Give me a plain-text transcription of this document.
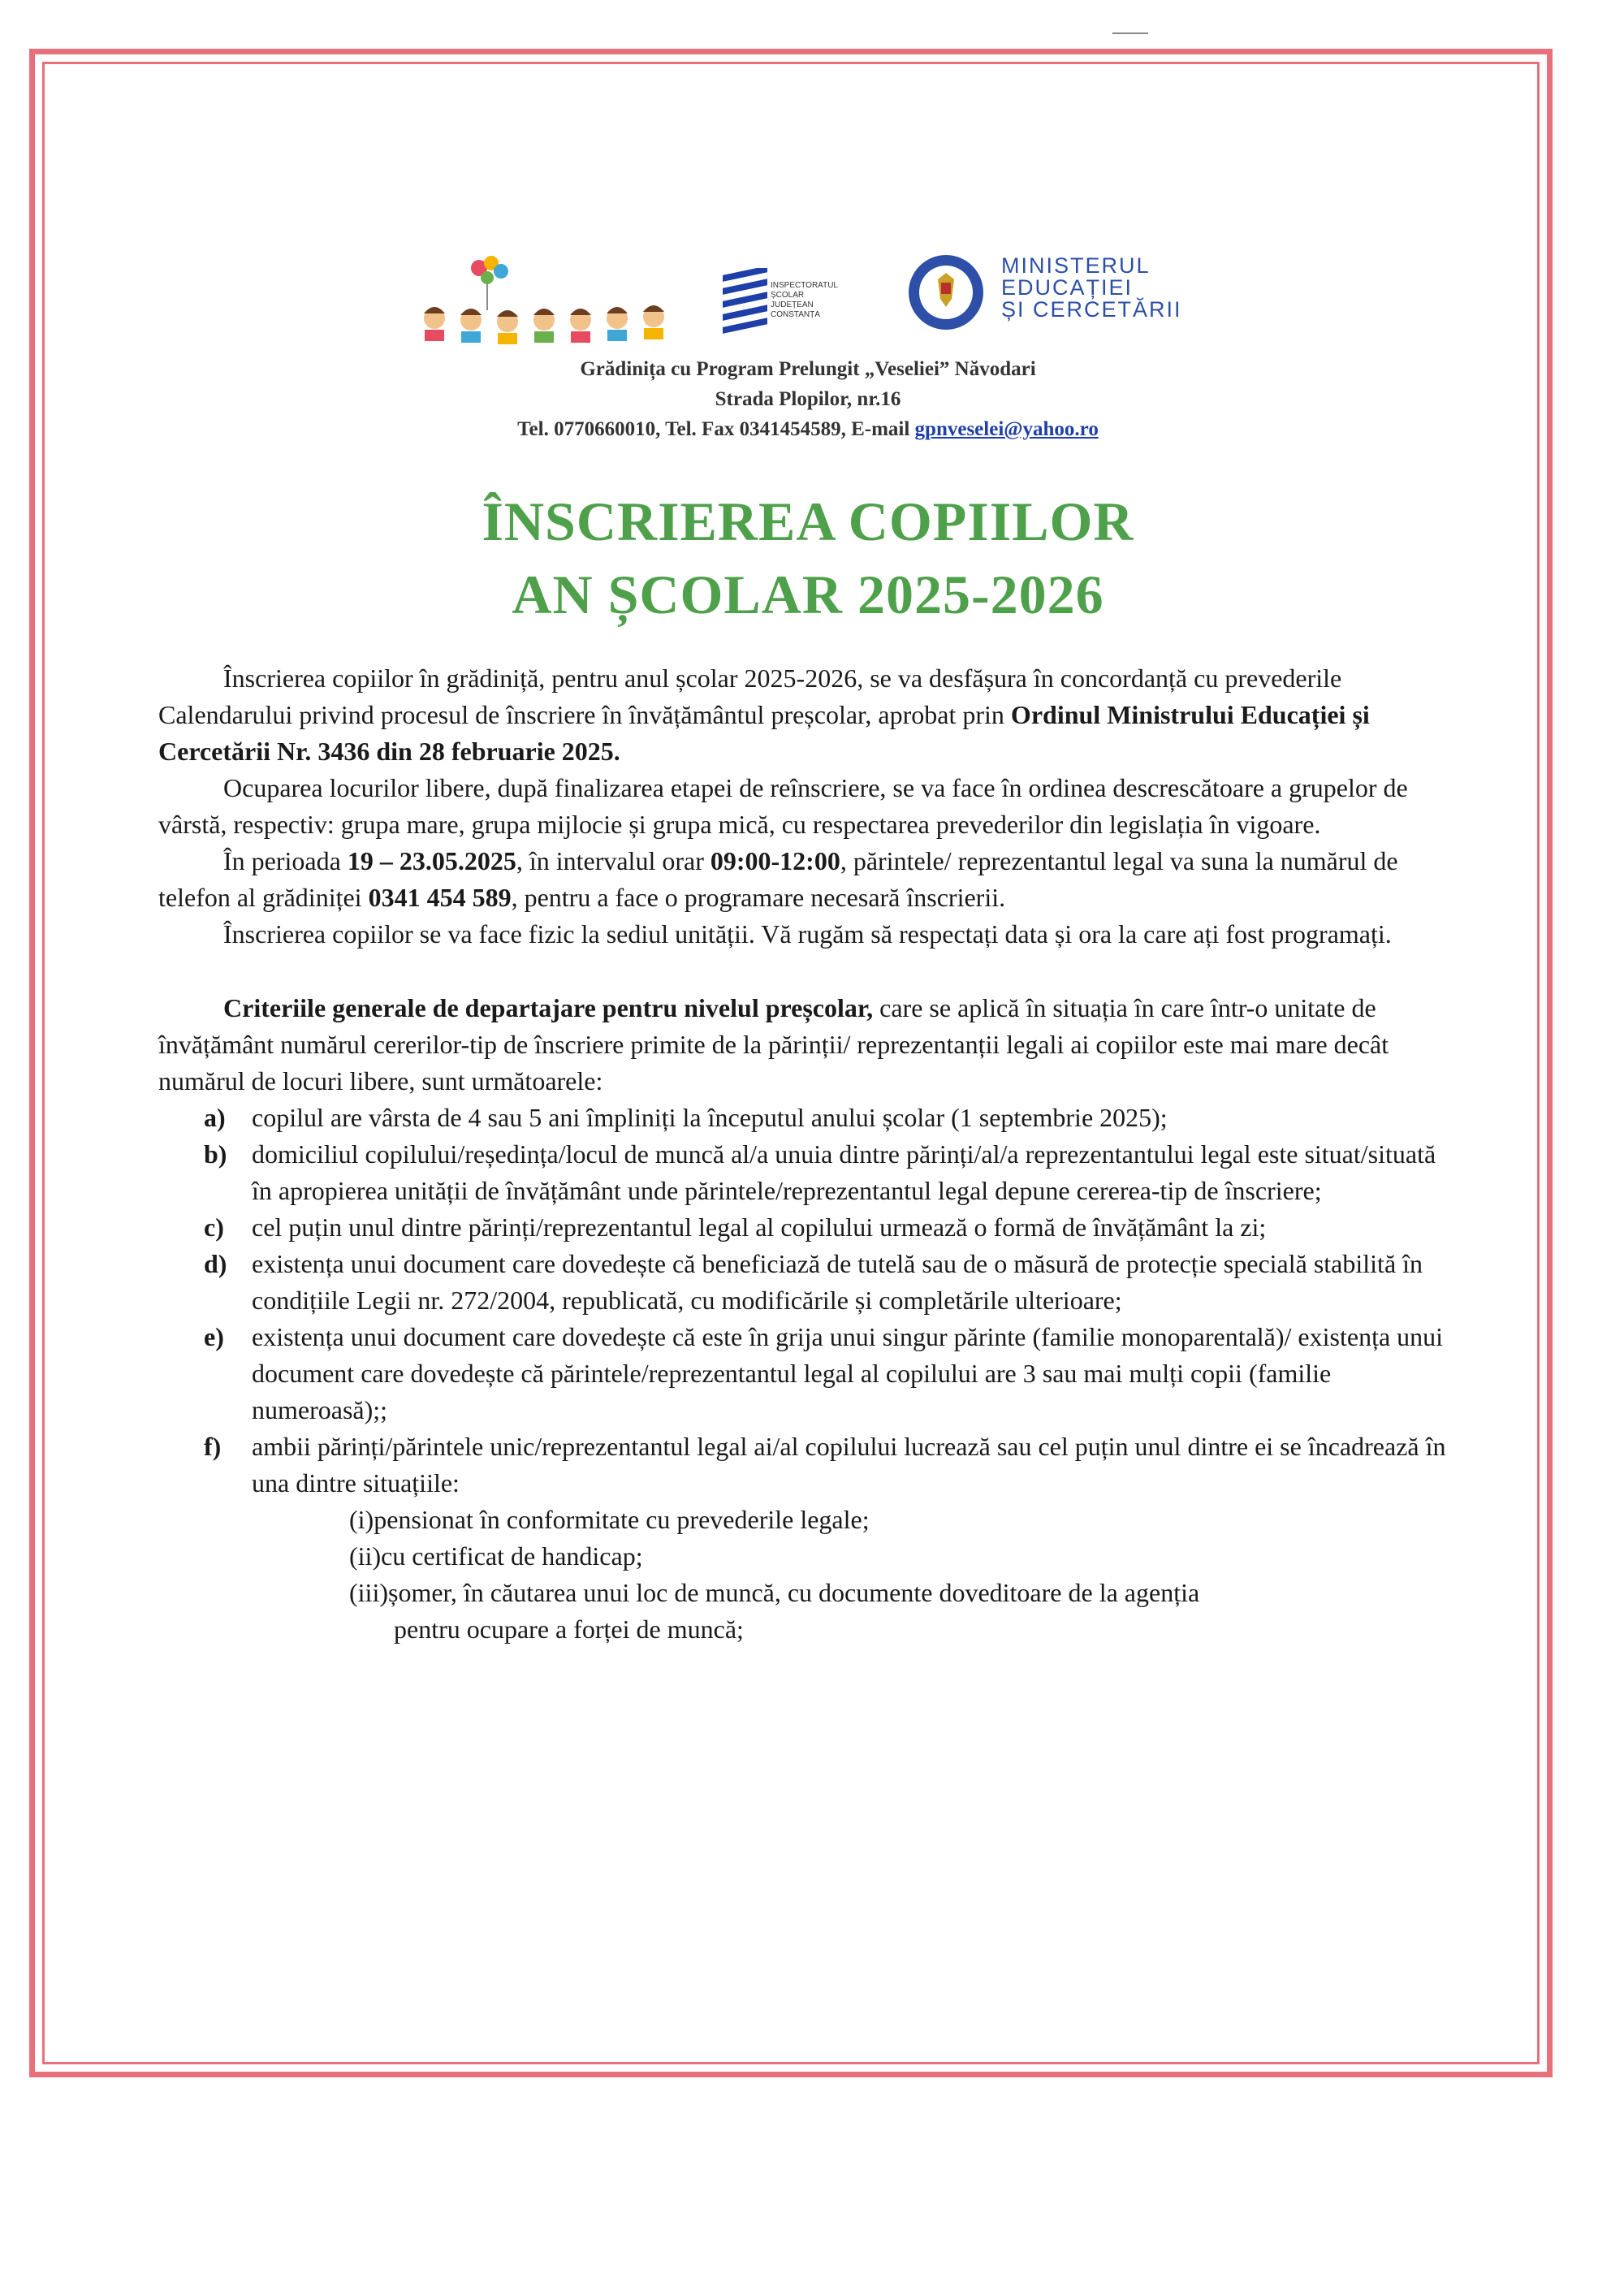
INSPECTORATUL
ȘCOLAR
JUDEȚEAN
CONSTANȚA
MINISTERUL
EDUCAȚIEI
ȘI CERCETĂRII
Grădinița cu Program Prelungit „Veseliei” Năvodari
Strada Plopilor, nr.16
Tel. 0770660010, Tel. Fax 0341454589, E-mail gpnveselei@yahoo.ro
ÎNSCRIEREA COPIILOR
AN ȘCOLAR 2025-2026

Înscrierea copiilor în grădiniță, pentru anul școlar 2025-2026, se va desfășura în concordanță cu prevederile Calendarului privind procesul de înscriere în învățământul preșcolar, aprobat prin Ordinul Ministrului Educației și Cercetării Nr. 3436 din 28 februarie 2025.

Ocuparea locurilor libere, după finalizarea etapei de reînscriere, se va face în ordinea descrescătoare a grupelor de vârstă, respectiv: grupa mare, grupa mijlocie și grupa mică, cu respectarea prevederilor din legislația în vigoare.

În perioada 19 – 23.05.2025, în intervalul orar 09:00-12:00, părintele/ reprezentantul legal va suna la numărul de telefon al grădiniței 0341 454 589, pentru a face o programare necesară înscrierii.

Înscrierea copiilor se va face fizic la sediul unității. Vă rugăm să respectați data și ora la care ați fost programați.

Criteriile generale de departajare pentru nivelul preșcolar, care se aplică în situația în care într-o unitate de învățământ numărul cererilor-tip de înscriere primite de la părinții/ reprezentanții legali ai copiilor este mai mare decât numărul de locuri libere, sunt următoarele:

a) copilul are vârsta de 4 sau 5 ani împliniți la începutul anului școlar (1 septembrie 2025);
b) domiciliul copilului/reședința/locul de muncă al/a unuia dintre părinți/al/a reprezentantului legal este situat/situată în apropierea unității de învățământ unde părintele/reprezentantul legal depune cererea-tip de înscriere;
c) cel puțin unul dintre părinți/reprezentantul legal al copilului urmează o formă de învățământ la zi;
d) existența unui document care dovedește că beneficiază de tutelă sau de o măsură de protecție specială stabilită în condițiile Legii nr. 272/2004, republicată, cu modificările și completările ulterioare;
e) existența unui document care dovedește că este în grija unui singur părinte (familie monoparentală)/ existența unui document care dovedește că părintele/reprezentantul legal al copilului are 3 sau mai mulți copii (familie numeroasă);;
f) ambii părinți/părintele unic/reprezentantul legal ai/al copilului lucrează sau cel puțin unul dintre ei se încadrează în una dintre situațiile:

(i)pensionat în conformitate cu prevederile legale;

(ii)cu certificat de handicap;

(iii)șomer, în căutarea unui loc de muncă, cu documente doveditoare de la agenția

pentru ocupare a forței de muncă;
